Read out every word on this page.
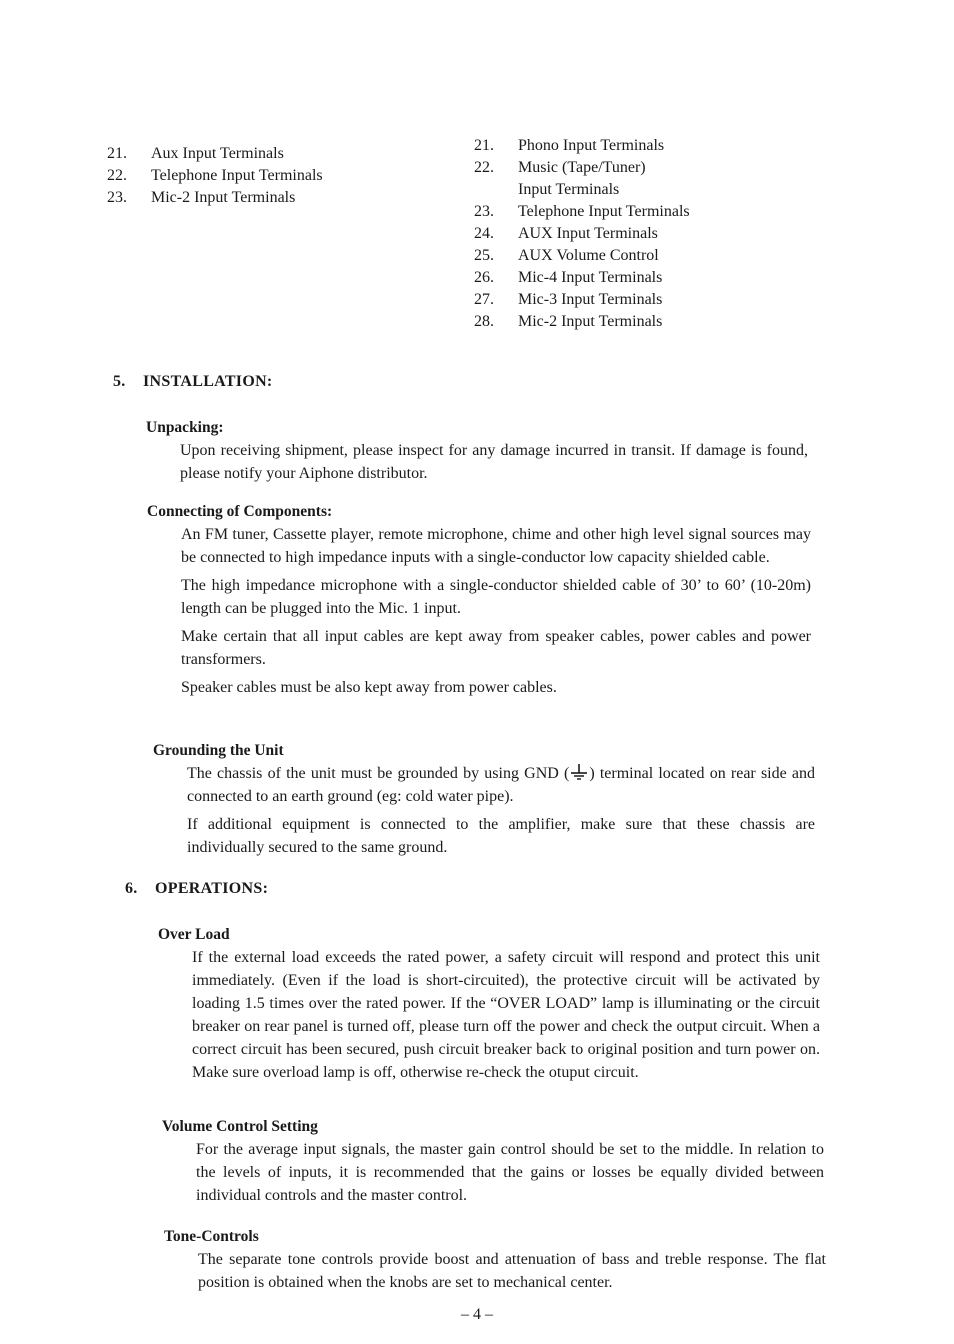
21.	Aux Input Terminals
22.	Telephone Input Terminals
23.	Mic-2 Input Terminals
21.	Phono Input Terminals
22.	Music (Tape/Tuner)
Input Terminals
23.	Telephone Input Terminals
24.	AUX Input Terminals
25.	AUX Volume Control
26.	Mic-4 Input Terminals
27.	Mic-3 Input Terminals
28.	Mic-2 Input Terminals
5. INSTALLATION:
Unpacking:

Upon receiving shipment, please inspect for any damage incurred in transit. If damage is found, please notify your Aiphone distributor.

Connecting of Components:

An FM tuner, Cassette player, remote microphone, chime and other high level signal sources may be connected to high impedance inputs with a single-conductor low capacity shielded cable.

The high impedance microphone with a single-conductor shielded cable of 30’ to 60’ (10-20m) length can be plugged into the Mic. 1 input.

Make certain that all input cables are kept away from speaker cables, power cables and power transformers.

Speaker cables must be also kept away from power cables.

Grounding the Unit

The chassis of the unit must be grounded by using GND ( ) terminal located on rear side and connected to an earth ground (eg: cold water pipe).

If additional equipment is connected to the amplifier, make sure that these chassis are individually secured to the same ground.

6. OPERATIONS:
Over Load

If the external load exceeds the rated power, a safety circuit will respond and protect this unit immediately. (Even if the load is short-circuited), the protective circuit will be activated by loading 1.5 times over the rated power. If the “OVER LOAD” lamp is illuminating or the circuit breaker on rear panel is turned off, please turn off the power and check the output circuit. When a correct circuit has been secured, push circuit breaker back to original position and turn power on. Make sure overload lamp is off, otherwise re-check the otuput circuit.

Volume Control Setting

For the average input signals, the master gain control should be set to the middle. In relation to the levels of inputs, it is recommended that the gains or losses be equally divided between individual controls and the master control.

Tone-Controls

The separate tone controls provide boost and attenuation of bass and treble response. The flat position is obtained when the knobs are set to mechanical center.

– 4 –
